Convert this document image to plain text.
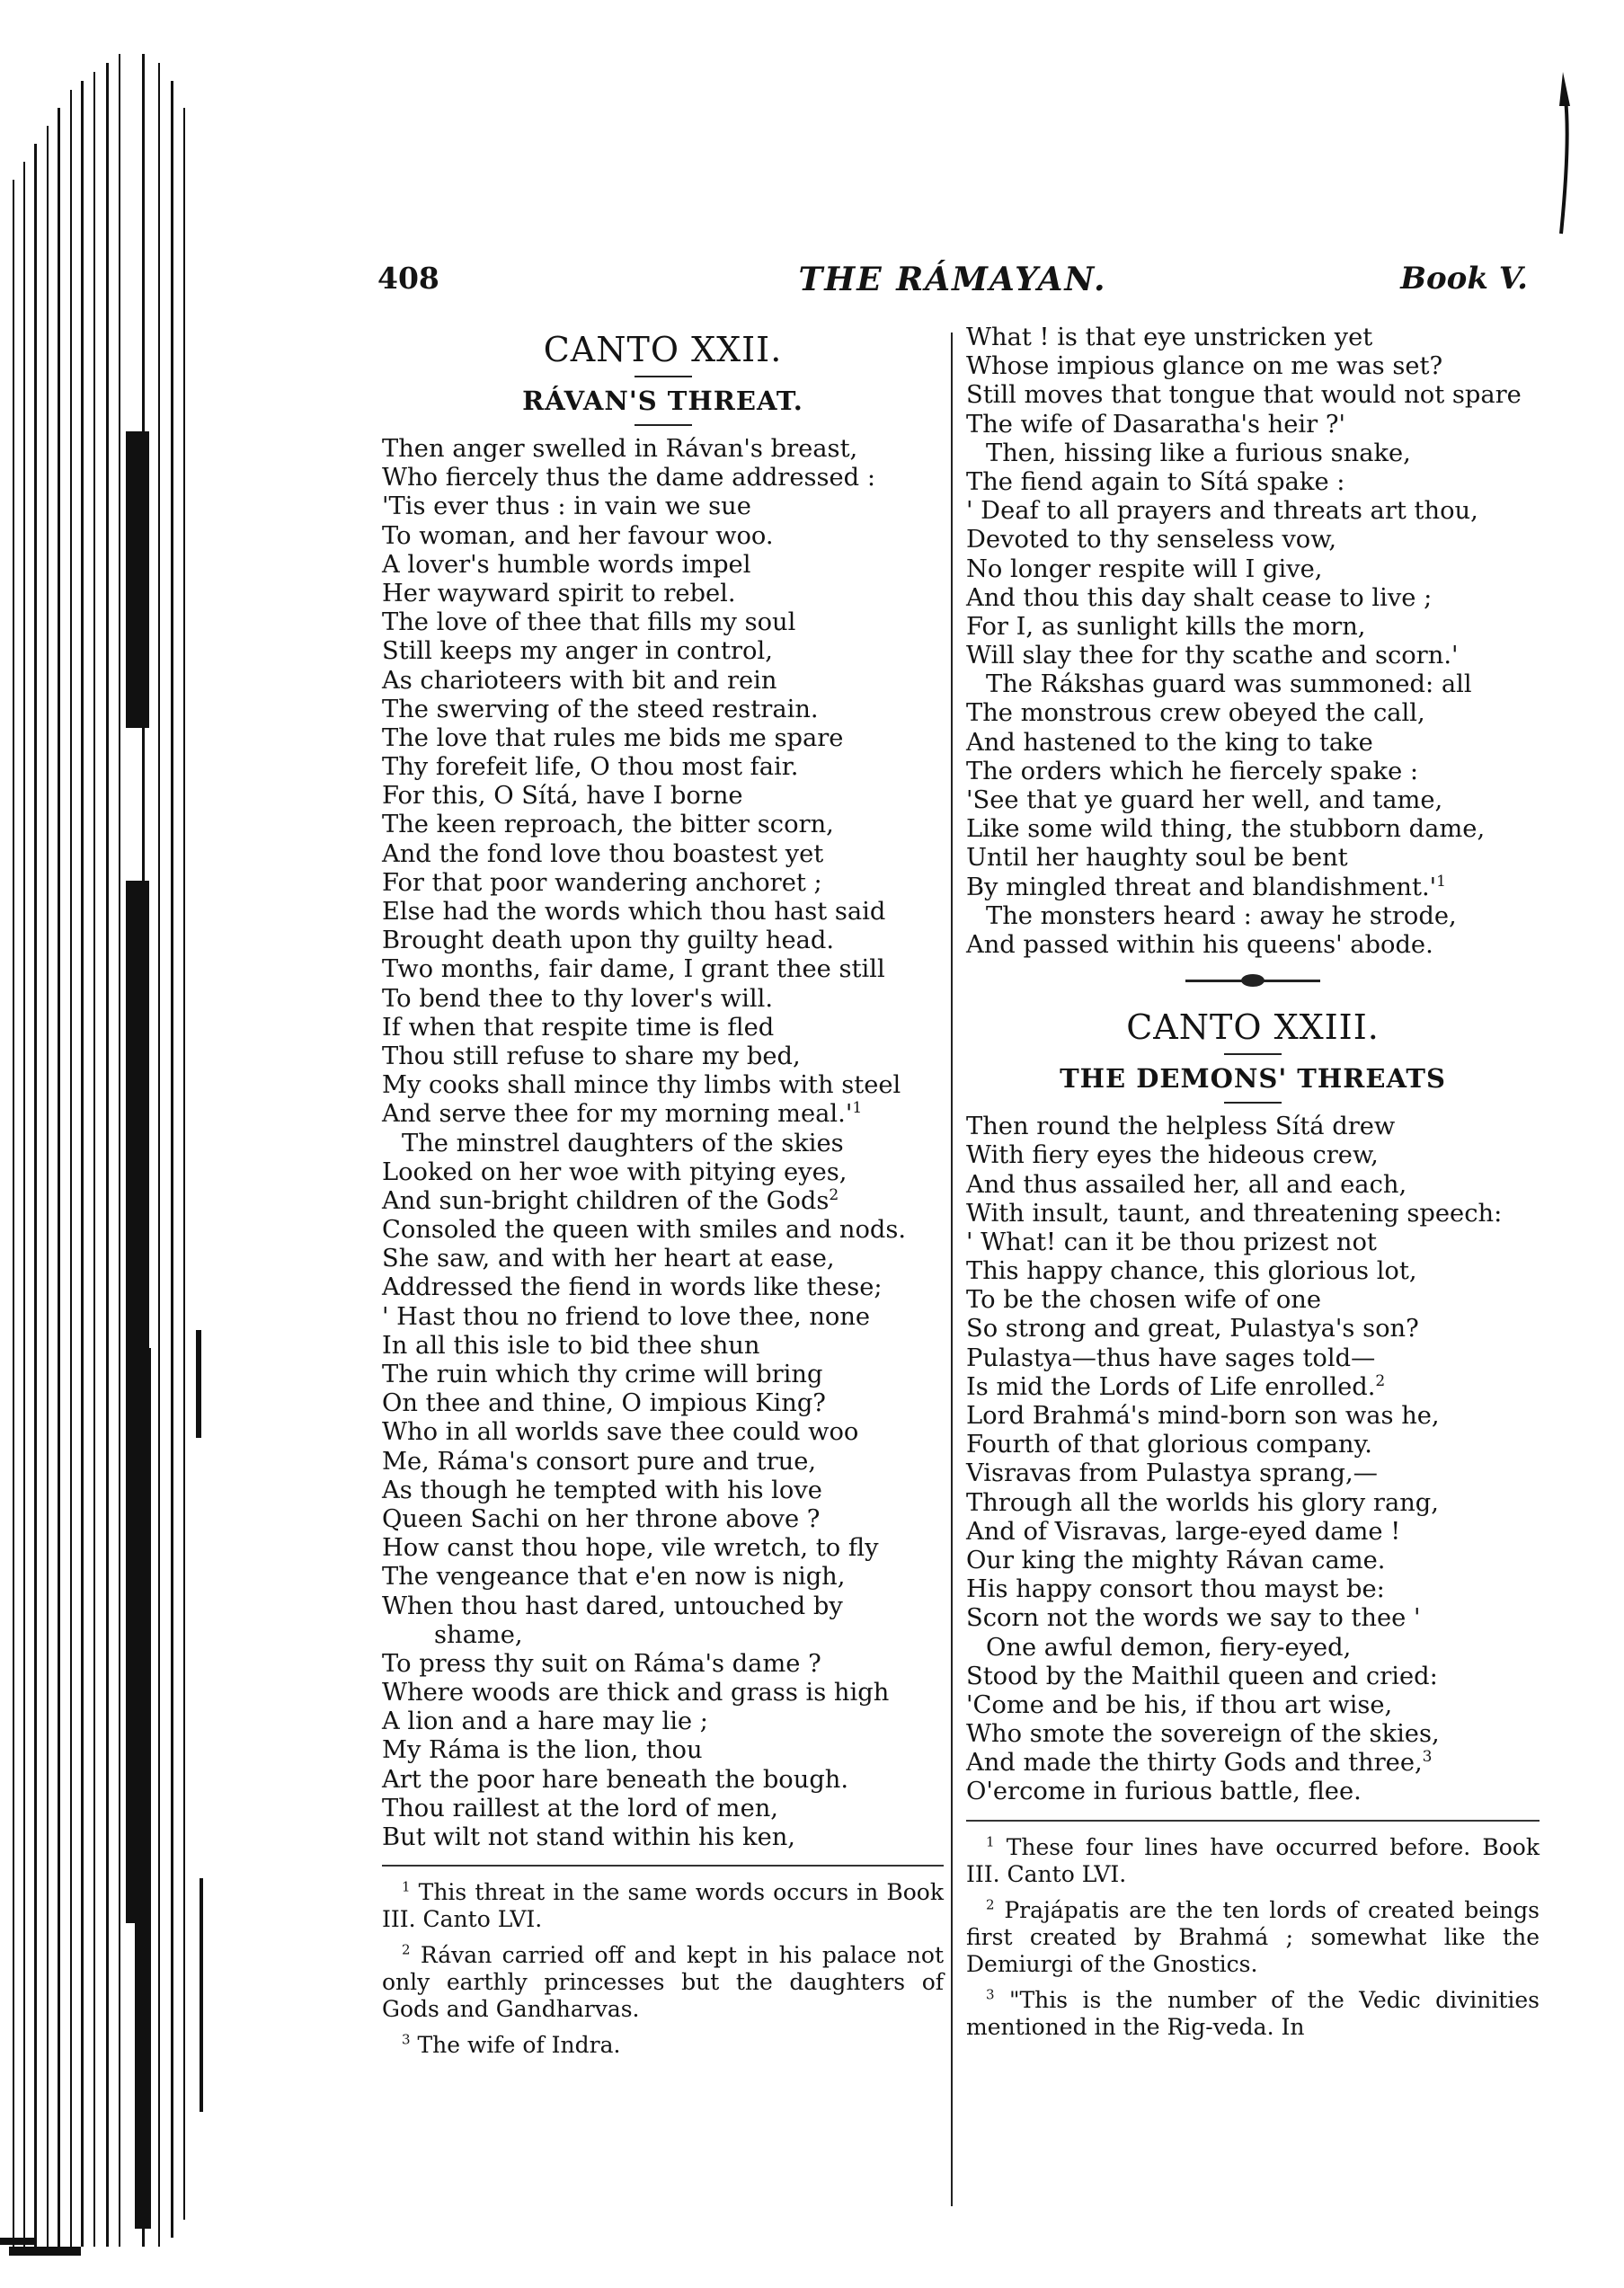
408	THE RÁMAYAN.	Book V.
CANTO XXII.
RÁVAN'S THREAT.
Then anger swelled in Rávan's breast,
Who fiercely thus the dame addressed :
'Tis ever thus : in vain we sue
To woman, and her favour woo.
A lover's humble words impel
Her wayward spirit to rebel.
The love of thee that fills my soul
Still keeps my anger in control,
As charioteers with bit and rein
The swerving of the steed restrain.
The love that rules me bids me spare
Thy forefeit life, O thou most fair.
For this, O Sítá, have I borne
The keen reproach, the bitter scorn,
And the fond love thou boastest yet
For that poor wandering anchoret ;
Else had the words which thou hast said
Brought death upon thy guilty head.
Two months, fair dame, I grant thee still
To bend thee to thy lover's will.
If when that respite time is fled
Thou still refuse to share my bed,
My cooks shall mince thy limbs with steel
And serve thee for my morning $meal.'^1$
The minstrel daughters of the skies
Looked on her woe with pitying eyes,
And sun-bright children of the Gods$^2$
Consoled the queen with smiles and nods.
She saw, and with her heart at ease,
Addressed the fiend in words like these;
' Hast thou no friend to love thee, none
In all this isle to bid thee shun
The ruin which thy crime will bring
On thee and thine, O impious King?
Who in all worlds save thee could woo
Me, Ráma's consort pure and true,
As though he tempted with his love
Queen Sachi on her throne above ?
How canst thou hope, vile wretch, to fly
The vengeance that e'en now is nigh,
When thou hast dared, untouched by
shame,
To press thy suit on Ráma's dame ?
Where woods are thick and grass is high
A lion and a hare may lie ;
My Ráma is the lion, thou
Art the poor hare beneath the bough.
Thou raillest at the lord of men,
But wilt not stand within his ken,

$^1$ This threat in the same words occurs in Book III. Canto LVI.

$^2$ Rávan carried off and kept in his palace not only earthly princesses but the daughters of Gods and Gandharvas.

$^3$ The wife of Indra.

What ! is that eye unstricken yet
Whose impious glance on me was set?
Still moves that tongue that would not spare
The wife of Dasaratha's heir ?'
Then, hissing like a furious snake,
The fiend again to Sítá spake :
' Deaf to all prayers and threats art thou,
Devoted to thy senseless vow,
No longer respite will I give,
And thou this day shalt cease to live ;
For I, as sunlight kills the morn,
Will slay thee for thy scathe and scorn.'
The Rákshas guard was summoned: all
The monstrous crew obeyed the call,
And hastened to the king to take
The orders which he fiercely spake :
'See that ye guard her well, and tame,
Like some wild thing, the stubborn dame,
Until her haughty soul be bent
By mingled threat and $blandishment.'^1$
The monsters heard : away he strode,
And passed within his queens' abode.
CANTO XXIII.
THE DEMONS' THREATS
Then round the helpless Sítá drew
With fiery eyes the hideous crew,
And thus assailed her, all and each,
With insult, taunt, and threatening speech:
' What! can it be thou prizest not
This happy chance, this glorious lot,
To be the chosen wife of one
So strong and great, Pulastya's son?
Pulastya—thus have sages told—
Is mid the Lords of Life enrolled.$^2$
Lord Brahmá's mind-born son was he,
Fourth of that glorious company.
Visravas from Pulastya sprang,—
Through all the worlds his glory rang,
And of Visravas, large-eyed dame !
Our king the mighty Rávan came.
His happy consort thou mayst be:
Scorn not the words we say to thee '
One awful demon, fiery-eyed,
Stood by the Maithil queen and cried:
'Come and be his, if thou art wise,
Who smote the sovereign of the skies,
And made the thirty Gods and three,$^3$
O'ercome in furious battle, flee.

$^1$ These four lines have occurred before. Book III. Canto LVI.

$^2$ Prajápatis are the ten lords of created beings first created by Brahmá ; somewhat like the Demiurgi of the Gnostics.

$^3$ "This is the number of the Vedic divinities mentioned in the Rig-veda. In
